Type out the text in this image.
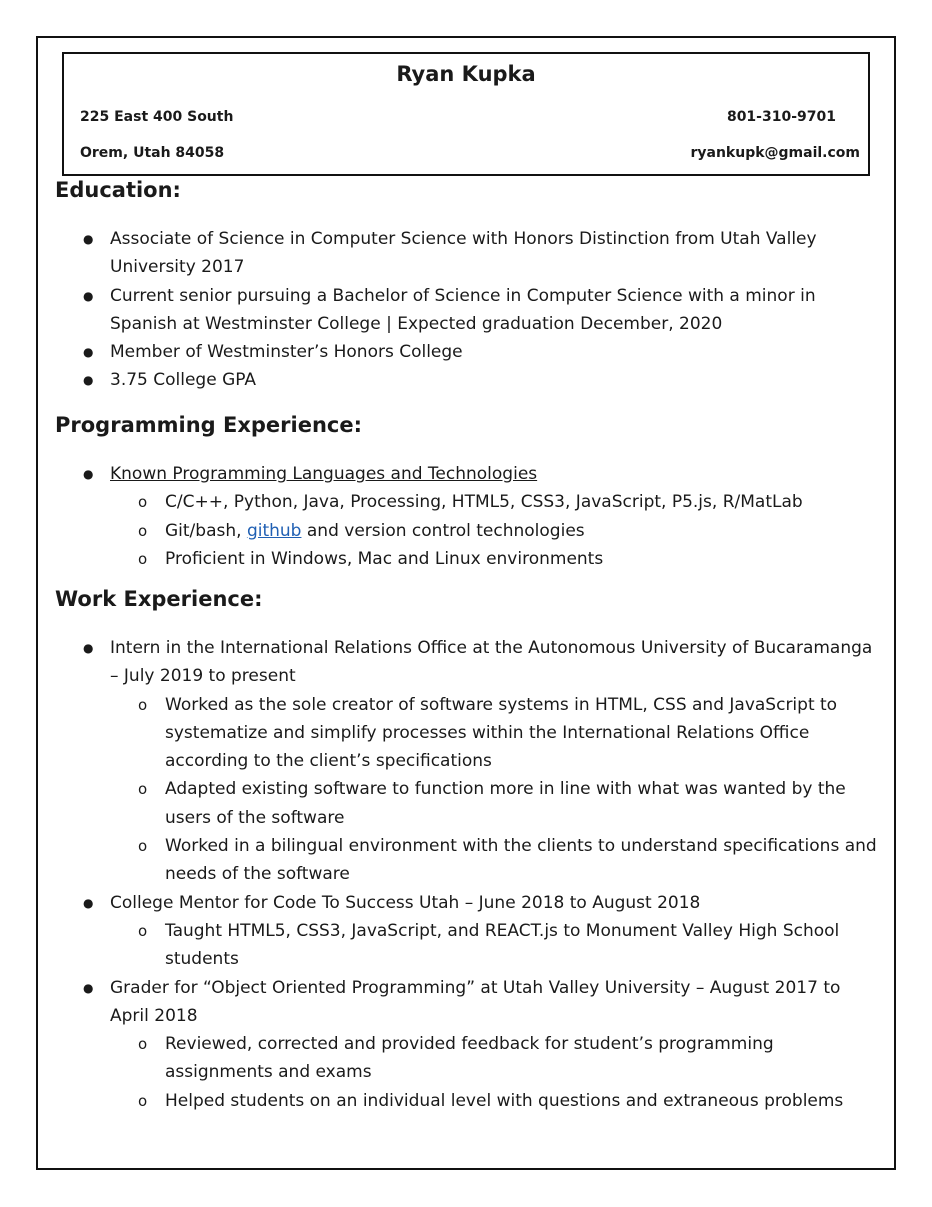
Ryan Kupka
225 East 400 South
Orem, Utah 84058
801-310-9701
ryankupk@gmail.com
Education:
● Associate of Science in Computer Science with Honors Distinction from Utah Valley University 2017
● Current senior pursuing a Bachelor of Science in Computer Science with a minor in Spanish at Westminster College | Expected graduation December, 2020
● Member of Westminster’s Honors College
● 3.75 College GPA
Programming Experience:
● Known Programming Languages and Technologies
o C/C++, Python, Java, Processing, HTML5, CSS3, JavaScript, P5.js, R/MatLab
o Git/bash, github and version control technologies
o Proficient in Windows, Mac and Linux environments
Work Experience:
● Intern in the International Relations Office at the Autonomous University of Bucaramanga – July 2019 to present
o Worked as the sole creator of software systems in HTML, CSS and JavaScript to systematize and simplify processes within the International Relations Office according to the client’s specifications
o Adapted existing software to function more in line with what was wanted by the users of the software
o Worked in a bilingual environment with the clients to understand specifications and needs of the software
● College Mentor for Code To Success Utah – June 2018 to August 2018
o Taught HTML5, CSS3, JavaScript, and REACT.js to Monument Valley High School students
● Grader for “Object Oriented Programming” at Utah Valley University – August 2017 to April 2018
o Reviewed, corrected and provided feedback for student’s programming assignments and exams
o Helped students on an individual level with questions and extraneous problems
